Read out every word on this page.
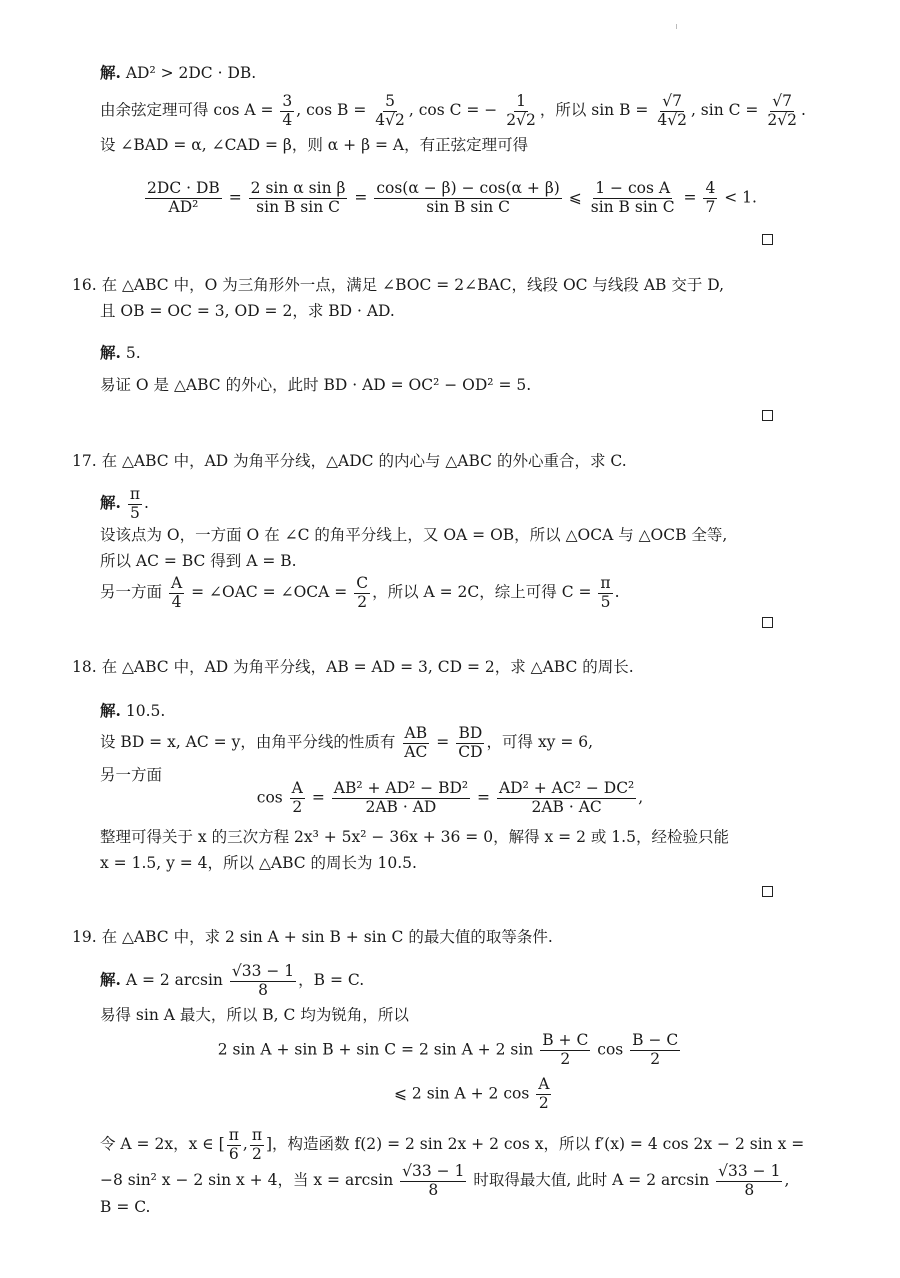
解. AD² > 2DC · DB.
由余弦定理可得 $\cos A = \frac{3}{4}$ , $\cos B = \frac{5}{4√2}$ , cos C = − $\frac{1}{2√2}$ ，所以 $\sin B = \frac{√7}{4√2}$ , $\sin C = \frac{√7}{2√2}$ .
设 ∠BAD = α, ∠CAD = β，则 α + β = A，有正弦定理可得
$\frac{2DC \cdot DB}{\text{AD²}} = \frac{\text{2 sin α sin β}}{\text{sin B sin C}} = \frac{\cos(\alpha - \beta) - \cos(\alpha + \beta)}{\text{sin B sin C}}$ ⩽ $\frac{\text{1 − cos A}}{\text{sin B sin C}} = \frac{4}{7} < 1$.
16. 在 △ABC 中，O 为三角形外一点，满足 ∠BOC = 2∠BAC，线段 OC 与线段 AB 交于 D,
且 OB = OC = 3, OD = 2，求 BD · AD.
解. 5.
易证 O 是 △ABC 的外心，此时 BD · AD = OC² − OD² = 5.
17. 在 △ABC 中，AD 为角平分线，△ADC 的内心与 △ABC 的外心重合，求 C.
解. $\frac{\pi}{5}$ .
设该点为 O，一方面 O 在 ∠C 的角平分线上，又 OA = OB，所以 △OCA 与 △OCB 全等,
所以 AC = BC 得到 A = B.
另一方面 $\frac{A}{4}$ = ∠OAC = ∠OCA = $\frac{C}{2}$ ，所以 A = 2C，综上可得 $C = \frac{\pi}{5}$ .
18. 在 △ABC 中，AD 为角平分线，AB = AD = 3, CD = 2，求 △ABC 的周长.
解. 10.5.
设 BD = x, AC = y，由角平分线的性质有 $\frac{AB}{AC} = \frac{BD}{CD}$ ，可得 xy = 6,
另一方面
$\cos \frac{A}{2} = \frac{\text{AB² + AD² − BD²}}{2AB \cdot AD} = \frac{\text{AD² + AC² − DC²}}{2AB \cdot AC}$ ,
整理可得关于 x 的三次方程 2x³ + 5x² − 36x + 36 = 0，解得 x = 2 或 1.5，经检验只能
x = 1.5, y = 4，所以 △ABC 的周长为 10.5.
19. 在 △ABC 中，求 2 sin A + sin B + sin C 的最大值的取等条件.
解. A = 2 $\arcsin \frac{√33 - 1}{8}$ ，B = C.
易得 sin A 最大，所以 B, C 均为锐角，所以
2 sin A + sin B + sin C = 2 sin A + 2 $\sin \frac{B + C}{2}$ $\cos \frac{B - C}{2}$
⩽ 2 sin A + 2 $\cos \frac{A}{2}$
令 A = 2x，x ∈ [ $\frac{\pi}{6}$ , $\frac{\pi}{2}$ ]，构造函数 f(2) = 2 sin 2x + 2 cos x，所以 f′(x) = 4 cos 2x − 2 sin x =
−8 sin² x − 2 sin x + 4，当 $x = \arcsin \frac{√33 - 1}{8}$ 时取得最大值, 此时 A = 2 $\arcsin \frac{√33 - 1}{8}$ ,
B = C.
